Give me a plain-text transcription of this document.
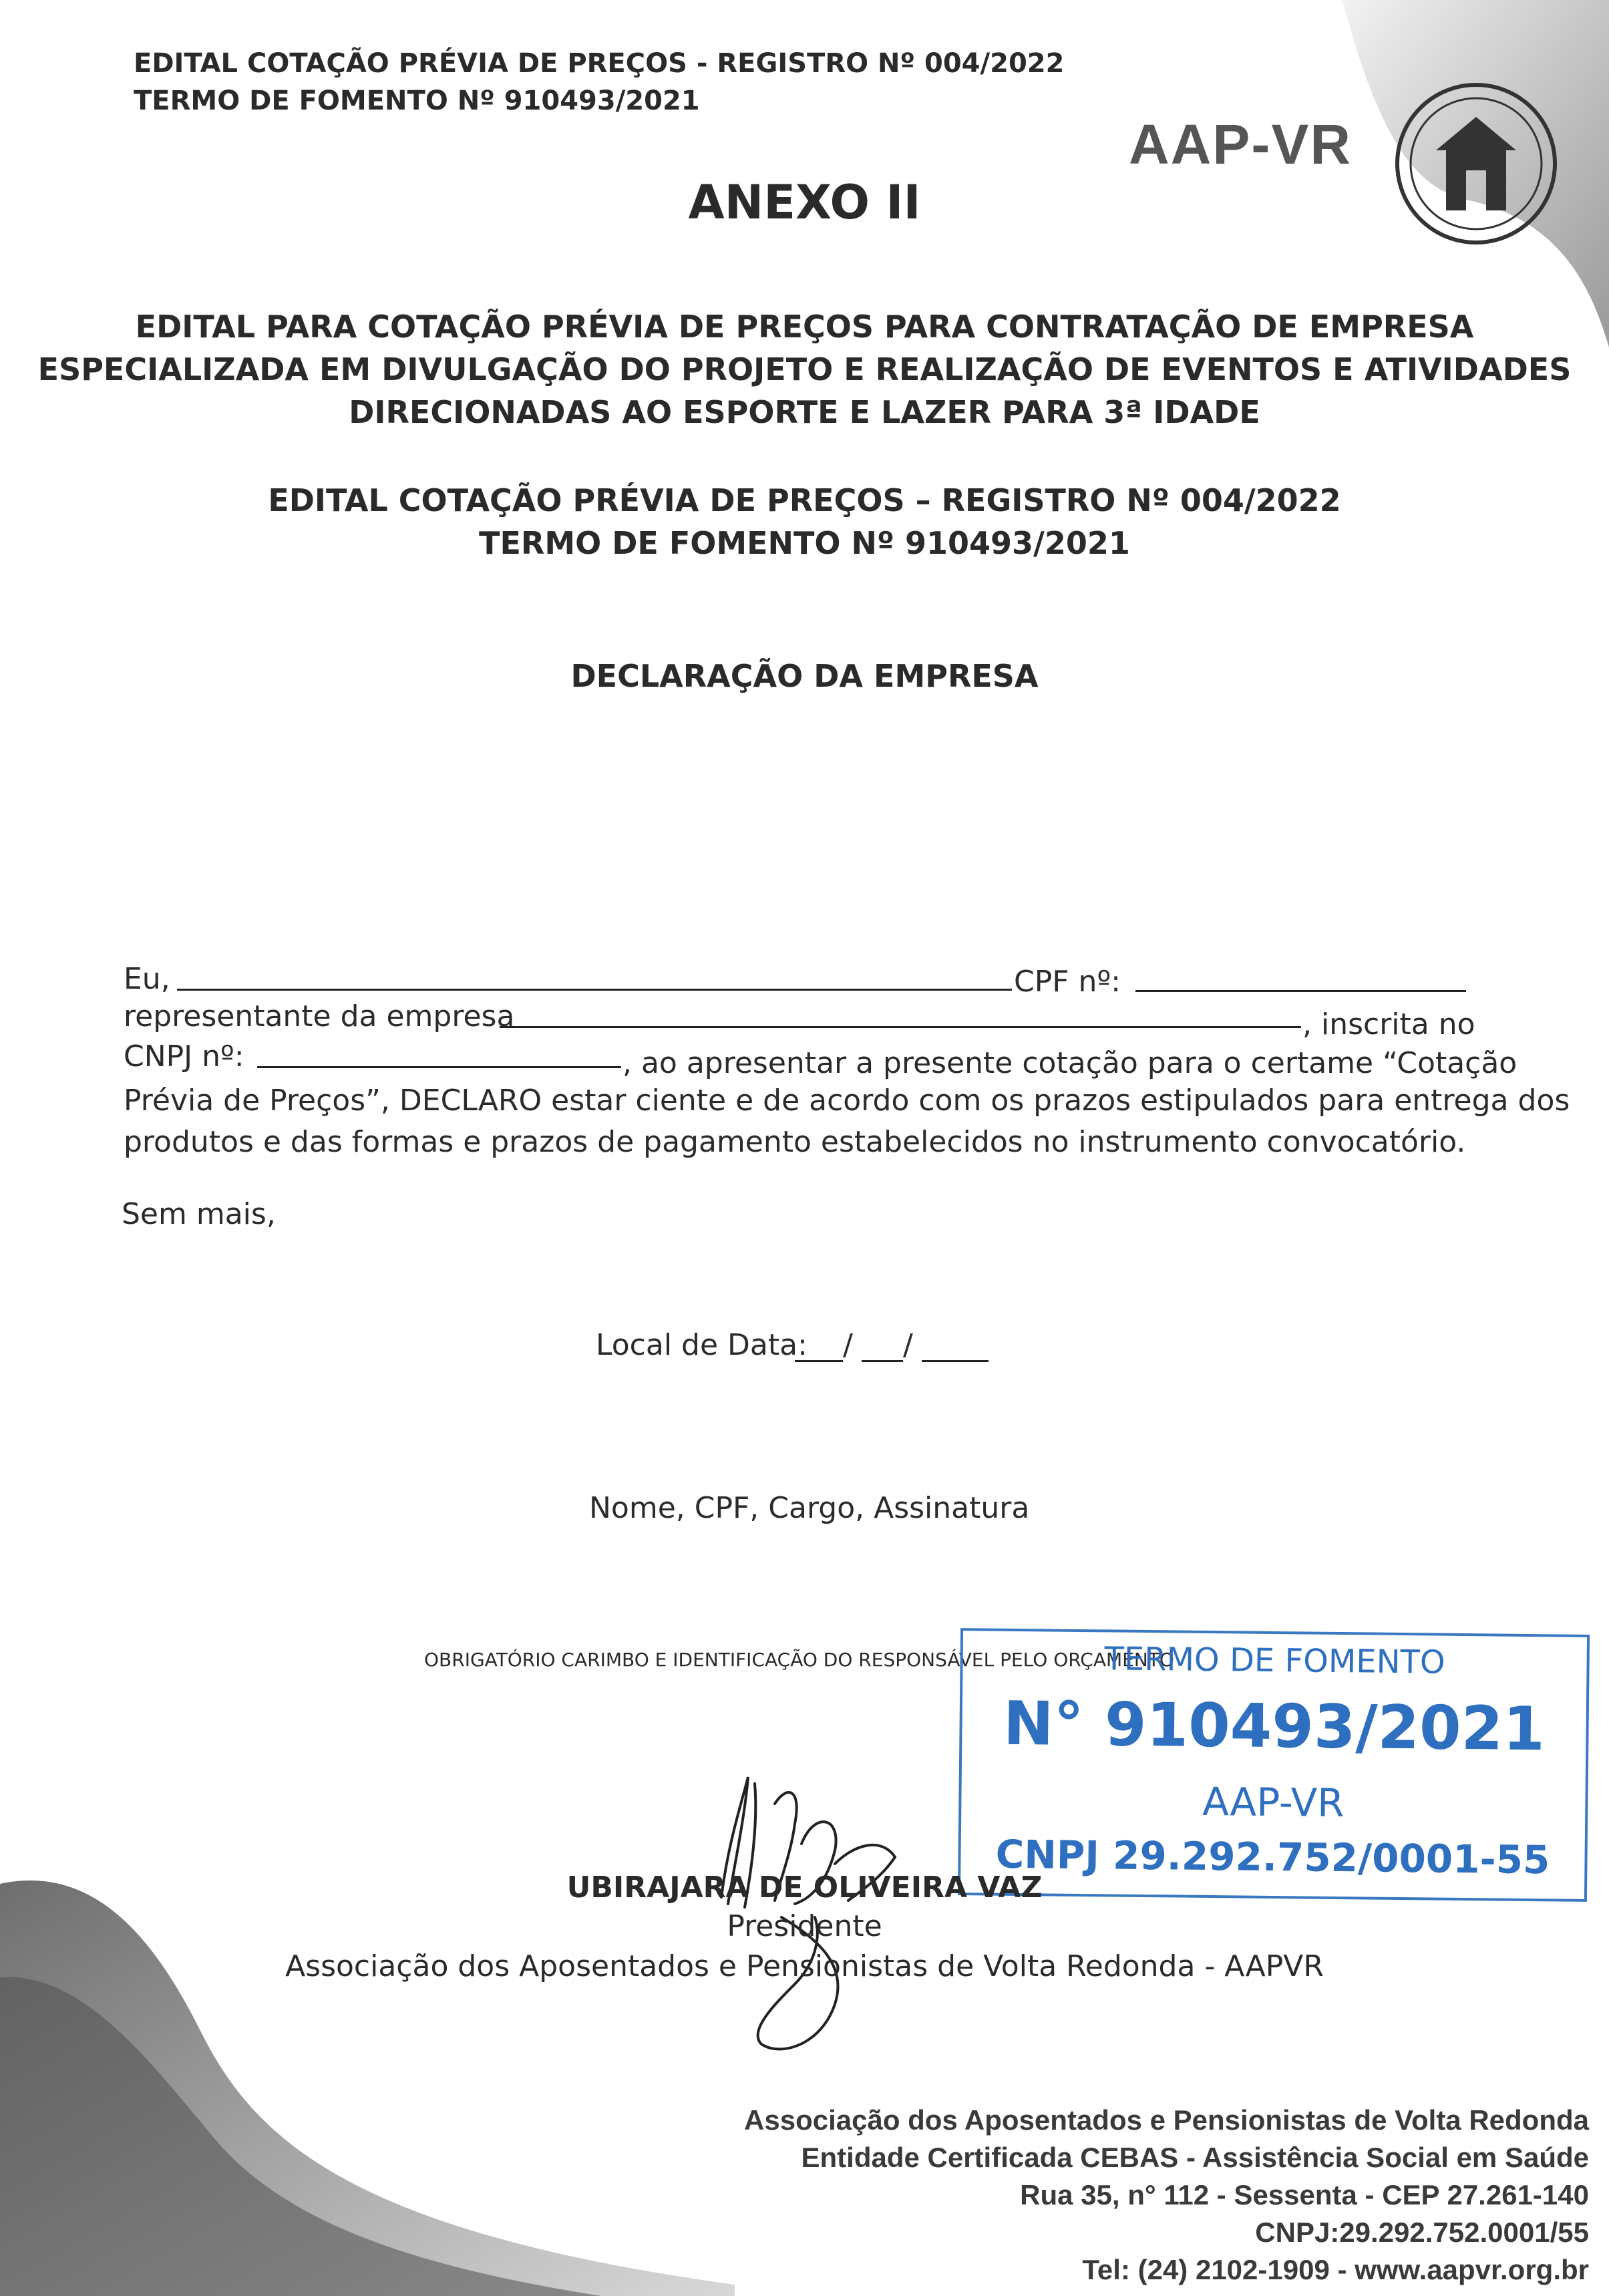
EDITAL COTAÇÃO PRÉVIA DE PREÇOS - REGISTRO Nº 004/2022
TERMO DE FOMENTO Nº 910493/2021
AAP-VR
ANEXO II
EDITAL PARA COTAÇÃO PRÉVIA DE PREÇOS PARA CONTRATAÇÃO DE EMPRESA
ESPECIALIZADA EM DIVULGAÇÃO DO PROJETO E REALIZAÇÃO DE EVENTOS E ATIVIDADES
DIRECIONADAS AO ESPORTE E LAZER PARA 3ª IDADE
EDITAL COTAÇÃO PRÉVIA DE PREÇOS – REGISTRO Nº 004/2022
TERMO DE FOMENTO Nº 910493/2021
DECLARAÇÃO DA EMPRESA
Eu,	CPF nº:
representante da empresa	, inscrita no
CNPJ nº:	, ao apresentar a presente cotação para o certame “Cotação
Prévia de Preços”, DECLARO estar ciente e de acordo com os prazos estipulados para entrega dos
produtos e das formas e prazos de pagamento estabelecidos no instrumento convocatório.
Sem mais,
Local de Data: / /
Nome, CPF, Cargo, Assinatura
OBRIGATÓRIO CARIMBO E IDENTIFICAÇÃO DO RESPONSÁVEL PELO ORÇAMENTO
TERMO DE FOMENTO
N° 910493/2021
AAP-VR
CNPJ 29.292.752/0001-55
UBIRAJARA DE OLIVEIRA VAZ
Presidente
Associação dos Aposentados e Pensionistas de Volta Redonda - AAPVR
Associação dos Aposentados e Pensionistas de Volta Redonda
Entidade Certificada CEBAS - Assistência Social em Saúde
Rua 35, n° 112 - Sessenta - CEP 27.261-140
CNPJ:29.292.752.0001/55
Tel: (24) 2102-1909 - www.aapvr.org.br
